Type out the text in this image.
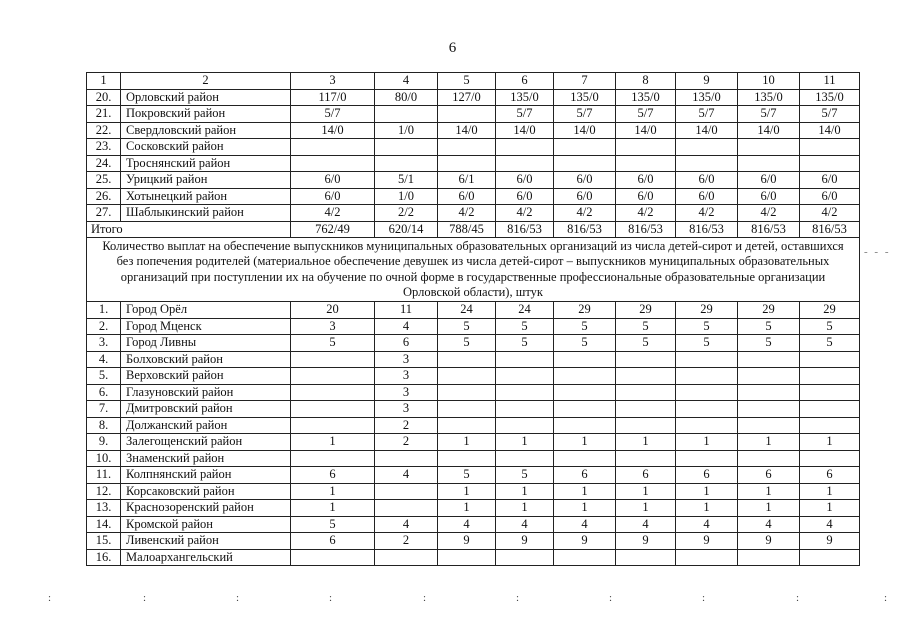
6
1	2	3	4	5	6	7	8	9	10	11
20.	Орловский район	117/0	80/0	127/0	135/0	135/0	135/0	135/0	135/0	135/0
21.	Покровский район	5/7			5/7	5/7	5/7	5/7	5/7	5/7
22.	Свердловский район	14/0	1/0	14/0	14/0	14/0	14/0	14/0	14/0	14/0
23.	Сосковский район									
24.	Троснянский район									
25.	Урицкий район	6/0	5/1	6/1	6/0	6/0	6/0	6/0	6/0	6/0
26.	Хотынецкий район	6/0	1/0	6/0	6/0	6/0	6/0	6/0	6/0	6/0
27.	Шаблыкинский район	4/2	2/2	4/2	4/2	4/2	4/2	4/2	4/2	4/2
Итого		762/49	620/14	788/45	816/53	816/53	816/53	816/53	816/53	816/53
Количество выплат на обеспечение выпускников муниципальных образовательных организаций из числа детей-сирот и детей, оставшихся без попечения родителей (материальное обеспечение девушек из числа детей-сирот – выпускников муниципальных образовательных организаций при поступлении их на обучение по очной форме в государственные профессиональные образовательные организации Орловской области), штук										
1.	Город Орёл	20	11	24	24	29	29	29	29	29
2.	Город Мценск	3	4	5	5	5	5	5	5	5
3.	Город Ливны	5	6	5	5	5	5	5	5	5
4.	Болховский район		3							
5.	Верховский район		3							
6.	Глазуновский район		3							
7.	Дмитровский район		3							
8.	Должанский район		2							
9.	Залегощенский район	1	2	1	1	1	1	1	1	1
10.	Знаменский район									
11.	Колпнянский район	6	4	5	5	6	6	6	6	6
12.	Корсаковский район	1		1	1	1	1	1	1	1
13.	Краснозоренский район	1		1	1	1	1	1	1	1
14.	Кромской район	5	4	4	4	4	4	4	4	4
15.	Ливенский район	6	2	9	9	9	9	9	9	9
16.	Малоархангельский									
- - -
:	:	:	:	:	:	:	:	:	:
